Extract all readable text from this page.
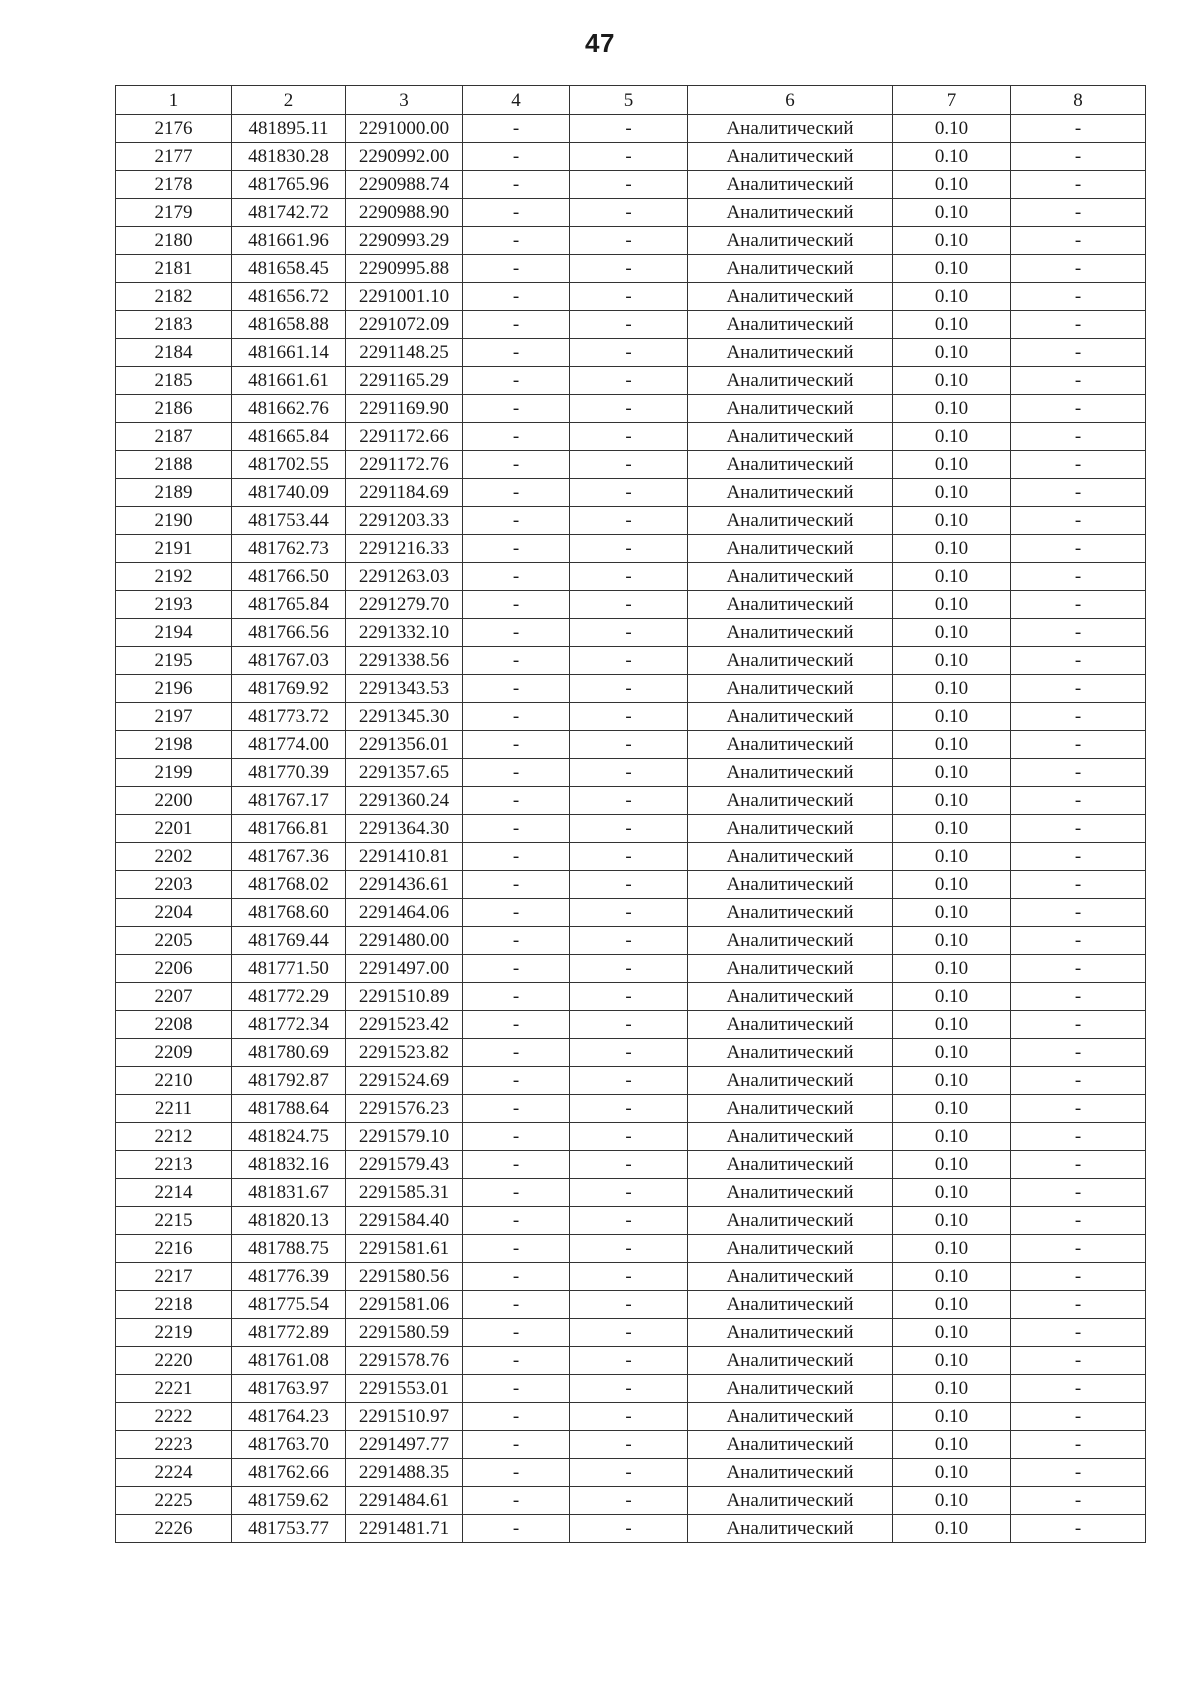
47
1	2	3	4	5	6	7	8
2176	481895.11	2291000.00	-	-	Аналитический	0.10	-
2177	481830.28	2290992.00	-	-	Аналитический	0.10	-
2178	481765.96	2290988.74	-	-	Аналитический	0.10	-
2179	481742.72	2290988.90	-	-	Аналитический	0.10	-
2180	481661.96	2290993.29	-	-	Аналитический	0.10	-
2181	481658.45	2290995.88	-	-	Аналитический	0.10	-
2182	481656.72	2291001.10	-	-	Аналитический	0.10	-
2183	481658.88	2291072.09	-	-	Аналитический	0.10	-
2184	481661.14	2291148.25	-	-	Аналитический	0.10	-
2185	481661.61	2291165.29	-	-	Аналитический	0.10	-
2186	481662.76	2291169.90	-	-	Аналитический	0.10	-
2187	481665.84	2291172.66	-	-	Аналитический	0.10	-
2188	481702.55	2291172.76	-	-	Аналитический	0.10	-
2189	481740.09	2291184.69	-	-	Аналитический	0.10	-
2190	481753.44	2291203.33	-	-	Аналитический	0.10	-
2191	481762.73	2291216.33	-	-	Аналитический	0.10	-
2192	481766.50	2291263.03	-	-	Аналитический	0.10	-
2193	481765.84	2291279.70	-	-	Аналитический	0.10	-
2194	481766.56	2291332.10	-	-	Аналитический	0.10	-
2195	481767.03	2291338.56	-	-	Аналитический	0.10	-
2196	481769.92	2291343.53	-	-	Аналитический	0.10	-
2197	481773.72	2291345.30	-	-	Аналитический	0.10	-
2198	481774.00	2291356.01	-	-	Аналитический	0.10	-
2199	481770.39	2291357.65	-	-	Аналитический	0.10	-
2200	481767.17	2291360.24	-	-	Аналитический	0.10	-
2201	481766.81	2291364.30	-	-	Аналитический	0.10	-
2202	481767.36	2291410.81	-	-	Аналитический	0.10	-
2203	481768.02	2291436.61	-	-	Аналитический	0.10	-
2204	481768.60	2291464.06	-	-	Аналитический	0.10	-
2205	481769.44	2291480.00	-	-	Аналитический	0.10	-
2206	481771.50	2291497.00	-	-	Аналитический	0.10	-
2207	481772.29	2291510.89	-	-	Аналитический	0.10	-
2208	481772.34	2291523.42	-	-	Аналитический	0.10	-
2209	481780.69	2291523.82	-	-	Аналитический	0.10	-
2210	481792.87	2291524.69	-	-	Аналитический	0.10	-
2211	481788.64	2291576.23	-	-	Аналитический	0.10	-
2212	481824.75	2291579.10	-	-	Аналитический	0.10	-
2213	481832.16	2291579.43	-	-	Аналитический	0.10	-
2214	481831.67	2291585.31	-	-	Аналитический	0.10	-
2215	481820.13	2291584.40	-	-	Аналитический	0.10	-
2216	481788.75	2291581.61	-	-	Аналитический	0.10	-
2217	481776.39	2291580.56	-	-	Аналитический	0.10	-
2218	481775.54	2291581.06	-	-	Аналитический	0.10	-
2219	481772.89	2291580.59	-	-	Аналитический	0.10	-
2220	481761.08	2291578.76	-	-	Аналитический	0.10	-
2221	481763.97	2291553.01	-	-	Аналитический	0.10	-
2222	481764.23	2291510.97	-	-	Аналитический	0.10	-
2223	481763.70	2291497.77	-	-	Аналитический	0.10	-
2224	481762.66	2291488.35	-	-	Аналитический	0.10	-
2225	481759.62	2291484.61	-	-	Аналитический	0.10	-
2226	481753.77	2291481.71	-	-	Аналитический	0.10	-
